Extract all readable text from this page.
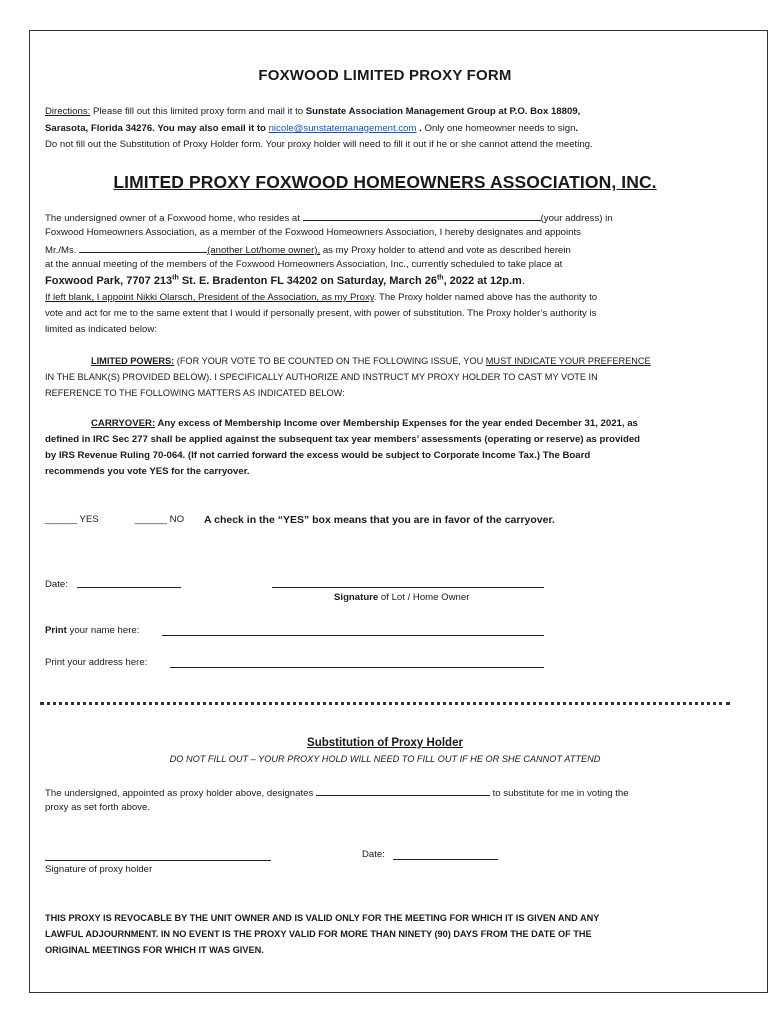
FOXWOOD LIMITED PROXY FORM
Directions: Please fill out this limited proxy form and mail it to Sunstate Association Management Group at P.O. Box 18809,
Sarasota, Florida 34276. You may also email it to nicole@sunstatemanagement.com . Only one homeowner needs to sign.
Do not fill out the Substitution of Proxy Holder form. Your proxy holder will need to fill it out if he or she cannot attend the meeting.
LIMITED PROXY FOXWOOD HOMEOWNERS ASSOCIATION, INC.
The undersigned owner of a Foxwood home, who resides at	(your address) in
Foxwood Homeowners Association, as a member of the Foxwood Homeowners Association, I hereby designates and appoints
Mr./Ms.	(another Lot/home owner), as my Proxy holder to attend and vote as described herein
at the annual meeting of the members of the Foxwood Homeowners Association, Inc., currently scheduled to take place at
Foxwood Park, 7707 213th St. E. Bradenton FL 34202 on Saturday, March 26th, 2022 at 12p.m.
If left blank, I appoint Nikki Olarsch, President of the Association, as my Proxy. The Proxy holder named above has the authority to
vote and act for me to the same extent that I would if personally present, with power of substitution. The Proxy holder’s authority is
limited as indicated below:
LIMITED POWERS: (FOR YOUR VOTE TO BE COUNTED ON THE FOLLOWING ISSUE, YOU MUST INDICATE YOUR PREFERENCE
IN THE BLANK(S) PROVIDED BELOW). I SPECIFICALLY AUTHORIZE AND INSTRUCT MY PROXY HOLDER TO CAST MY VOTE IN
REFERENCE TO THE FOLLOWING MATTERS AS INDICATED BELOW:
CARRYOVER: Any excess of Membership Income over Membership Expenses for the year ended December 31, 2021, as
defined in IRC Sec 277 shall be applied against the subsequent tax year members’ assessments (operating or reserve) as provided
by IRS Revenue Ruling 70-064. (If not carried forward the excess would be subject to Corporate Income Tax.) The Board
recommends you vote YES for the carryover.
______ YES	______ NO A check in the “YES” box means that you are in favor of the carryover.
Date:
Signature of Lot / Home Owner
Print your name here:
Print your address here:
Substitution of Proxy Holder
DO NOT FILL OUT – YOUR PROXY HOLD WILL NEED TO FILL OUT IF HE OR SHE CANNOT ATTEND
The undersigned, appointed as proxy holder above, designates	to substitute for me in voting the
proxy as set forth above.
Date:
Signature of proxy holder
THIS PROXY IS REVOCABLE BY THE UNIT OWNER AND IS VALID ONLY FOR THE MEETING FOR WHICH IT IS GIVEN AND ANY
LAWFUL ADJOURNMENT. IN NO EVENT IS THE PROXY VALID FOR MORE THAN NINETY (90) DAYS FROM THE DATE OF THE
ORIGINAL MEETINGS FOR WHICH IT WAS GIVEN.
